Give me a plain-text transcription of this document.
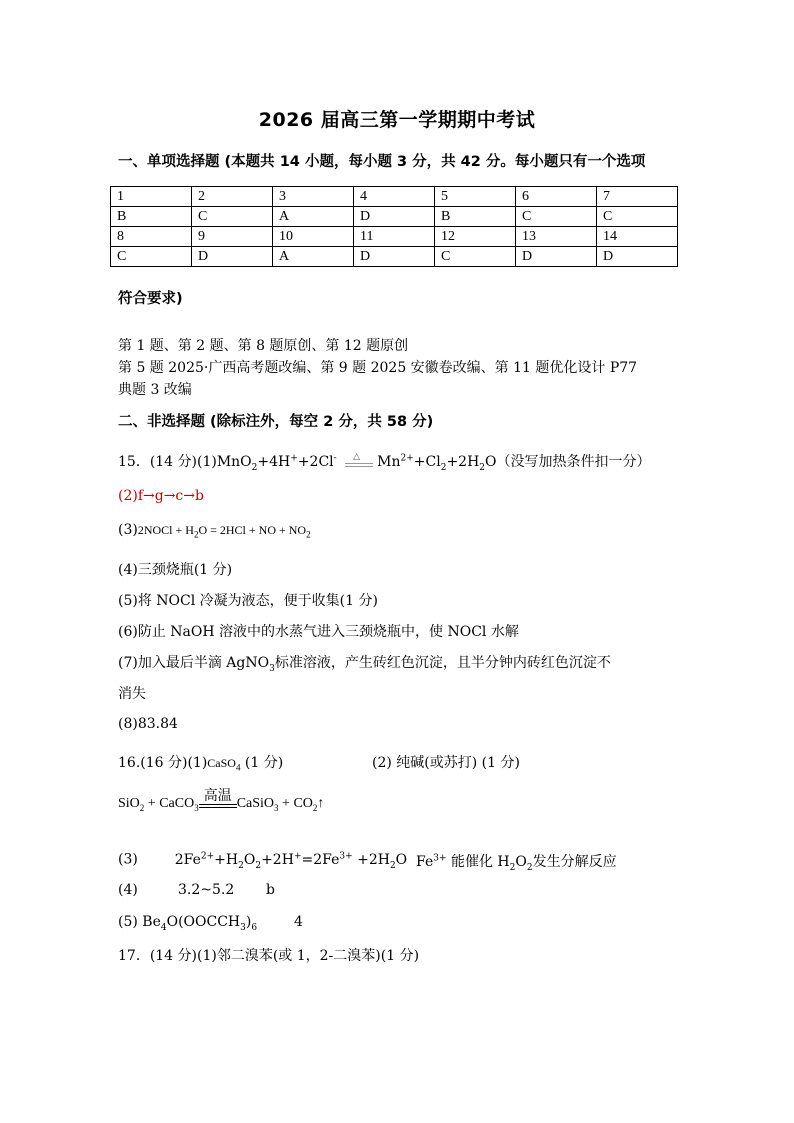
2026 届高三第一学期期中考试
一、单项选择题 (本题共 14 小题，每小题 3 分，共 42 分。每小题只有一个选项
1	2	3	4	5	6	7
B	C	A	D	B	C	C
8	9	10	11	12	13	14
C	D	A	D	C	D	D
符合要求)
第 1 题、第 2 题、第 8 题原创、第 12 题原创
第 5 题 2025·广西高考题改编、第 9 题 2025 安徽卷改编、第 11 题优化设计 P77
典题 3 改编
二、非选择题 (除标注外，每空 2 分，共 58 分)
15．(14 分)(1)MnO$_2$+4H++2Cl- △ $Mn^{2+}+Cl_2+2H_2O$（没写加热条件扣一分）
(2)f→g→c→b
(3)2NOCl + $H_2O = 2HCl$ + NO + $NO_2$
(4)三颈烧瓶(1 分)
(5)将 NOCl 冷凝为液态，便于收集(1 分)
(6)防止 NaOH 溶液中的水蒸气进入三颈烧瓶中，使 NOCl 水解
(7)加入最后半滴 AgNO$_3$标准溶液，产生砖红色沉淀，且半分钟内砖红色沉淀不
消失
(8)83.84
16.(16 分)(1)CaSO$_4$ (1 分)	(2) 纯碱(或苏打) (1 分)
SiO$_2$ + CaCO$_3$
高温 CaSiO$_3$ + $CO_2↑$
(3)	$2Fe^{2+}+H_2O_2+2H^+=2Fe^{3+} +2H_2O$ $Fe^{3+}$ 能催化 $H_2O_2$发生分解反应
(4)	3.2~5.2 b
(5) $Be_4O(OOCCH_3)_6$	4
17．(14 分)(1)邻二溴苯(或 1，2-二溴苯)(1 分)
